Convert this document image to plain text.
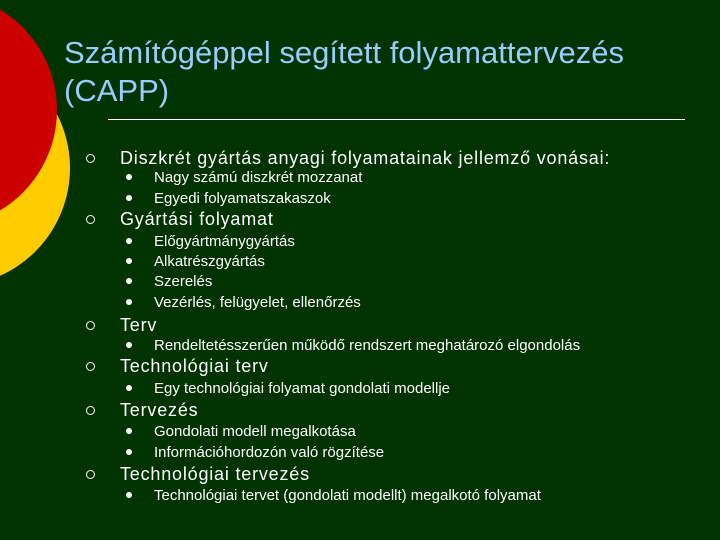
Számítógéppel segített folyamattervezés
(CAPP)
Diszkrét gyártás anyagi folyamatainak jellemző vonásai:
Nagy számú diszkrét mozzanat
Egyedi folyamatszakaszok
Gyártási folyamat
Előgyártmánygyártás
Alkatrészgyártás
Szerelés
Vezérlés, felügyelet, ellenőrzés
Terv
Rendeltetésszerűen működő rendszert meghatározó elgondolás
Technológiai terv
Egy technológiai folyamat gondolati modellje
Tervezés
Gondolati modell megalkotása
Információhordozón való rögzítése
Technológiai tervezés
Technológiai tervet (gondolati modellt) megalkotó folyamat
